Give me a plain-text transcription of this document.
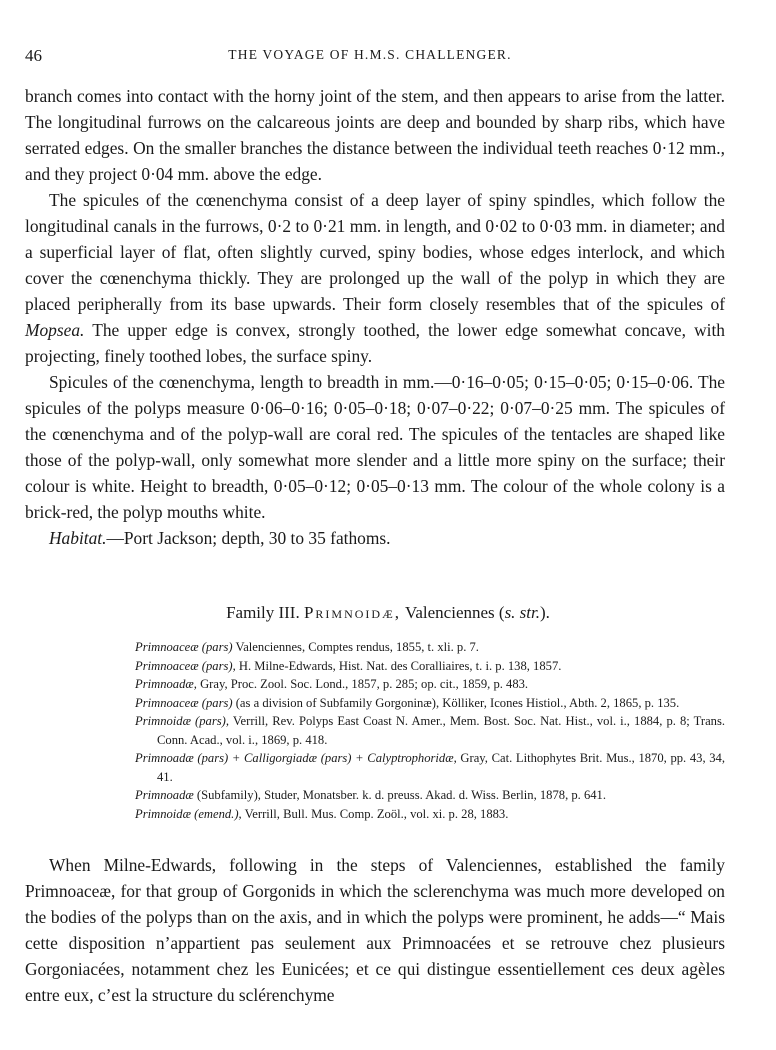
46	THE VOYAGE OF H.M.S. CHALLENGER.

branch comes into contact with the horny joint of the stem, and then appears to arise from the latter. The longitudinal furrows on the calcareous joints are deep and bounded by sharp ribs, which have serrated edges. On the smaller branches the distance between the individual teeth reaches 0·12 mm., and they project 0·04 mm. above the edge.

The spicules of the cœnenchyma consist of a deep layer of spiny spindles, which follow the longitudinal canals in the furrows, 0·2 to 0·21 mm. in length, and 0·02 to 0·03 mm. in diameter; and a superficial layer of flat, often slightly curved, spiny bodies, whose edges interlock, and which cover the cœnenchyma thickly. They are prolonged up the wall of the polyp in which they are placed peripherally from its base upwards. Their form closely resembles that of the spicules of Mopsea. The upper edge is convex, strongly toothed, the lower edge somewhat concave, with projecting, finely toothed lobes, the surface spiny.

Spicules of the cœnenchyma, length to breadth in mm.—0·16–0·05; 0·15–0·05; 0·15–0·06. The spicules of the polyps measure 0·06–0·16; 0·05–0·18; 0·07–0·22; 0·07–0·25 mm. The spicules of the cœnenchyma and of the polyp-wall are coral red. The spicules of the tentacles are shaped like those of the polyp-wall, only somewhat more slender and a little more spiny on the surface; their colour is white. Height to breadth, 0·05–0·12; 0·05–0·13 mm. The colour of the whole colony is a brick-red, the polyp mouths white.

Habitat.—Port Jackson; depth, 30 to 35 fathoms.

Family III. Primnoidæ, Valenciennes (s. str.).
Primnoaceæ (pars) Valenciennes, Comptes rendus, 1855, t. xli. p. 7.
Primnoaceæ (pars), H. Milne-Edwards, Hist. Nat. des Coralliaires, t. i. p. 138, 1857.
Primnoadæ, Gray, Proc. Zool. Soc. Lond., 1857, p. 285; op. cit., 1859, p. 483.
Primnoaceæ (pars) (as a division of Subfamily Gorgoninæ), Kölliker, Icones Histiol., Abth. 2, 1865, p. 135.
Primnoidæ (pars), Verrill, Rev. Polyps East Coast N. Amer., Mem. Bost. Soc. Nat. Hist., vol. i., 1884, p. 8; Trans. Conn. Acad., vol. i., 1869, p. 418.
Primnoadæ (pars) + Calligorgiadæ (pars) + Calyptrophoridæ, Gray, Cat. Lithophytes Brit. Mus., 1870, pp. 43, 34, 41.
Primnoadæ (Subfamily), Studer, Monatsber. k. d. preuss. Akad. d. Wiss. Berlin, 1878, p. 641.
Primnoidæ (emend.), Verrill, Bull. Mus. Comp. Zoöl., vol. xi. p. 28, 1883.

When Milne-Edwards, following in the steps of Valenciennes, established the family Primnoaceæ, for that group of Gorgonids in which the sclerenchyma was much more developed on the bodies of the polyps than on the axis, and in which the polyps were prominent, he adds—“ Mais cette disposition n’appartient pas seulement aux Primnoacées et se retrouve chez plusieurs Gorgoniacées, notamment chez les Eunicées; et ce qui distingue essentiellement ces deux agèles entre eux, c’est la structure du sclérenchyme
